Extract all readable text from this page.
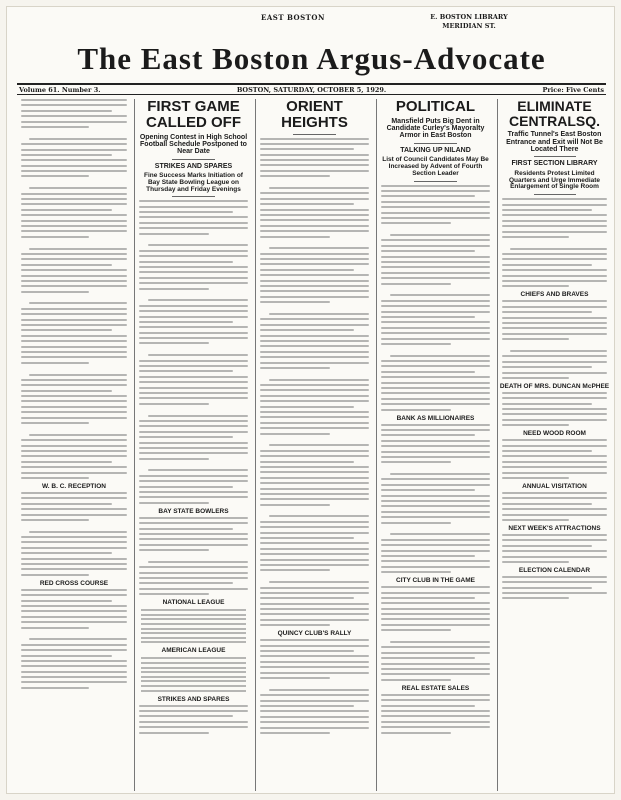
EAST BOSTON	E. BOSTON LIBRARY
MERIDIAN ST.
The East Boston Argus-Advocate
Volume 61. Number 3.	BOSTON, SATURDAY, OCTOBER 5, 1929.	Price: Five Cents
W. B. C. RECEPTION
RED CROSS COURSE
FIRST GAME CALLED OFF
Opening Contest in High School Football Schedule Postponed to Near Date
STRIKES AND SPARES
Fine Success Marks Initiation of Bay State Bowling League on Thursday and Friday Evenings
BAY STATE BOWLERS
NATIONAL LEAGUE
AMERICAN LEAGUE
STRIKES AND SPARES
ORIENT HEIGHTS
QUINCY CLUB'S RALLY
POLITICAL
Mansfield Puts Big Dent in Candidate Curley's Mayoralty Armor in East Boston
TALKING UP NILAND
List of Council Candidates May Be Increased by Advent of Fourth Section Leader
BANK AS MILLIONAIRES
CITY CLUB IN THE GAME
REAL ESTATE SALES
ELIMINATE CENTRALSQ.
Traffic Tunnel's East Boston Entrance and Exit will Not Be Located There
FIRST SECTION LIBRARY
Residents Protest Limited Quarters and Urge Immediate Enlargement of Single Room
CHIEFS AND BRAVES
DEATH OF MRS. DUNCAN McPHEE
NEED WOOD ROOM
ANNUAL VISITATION
NEXT WEEK'S ATTRACTIONS
ELECTION CALENDAR
